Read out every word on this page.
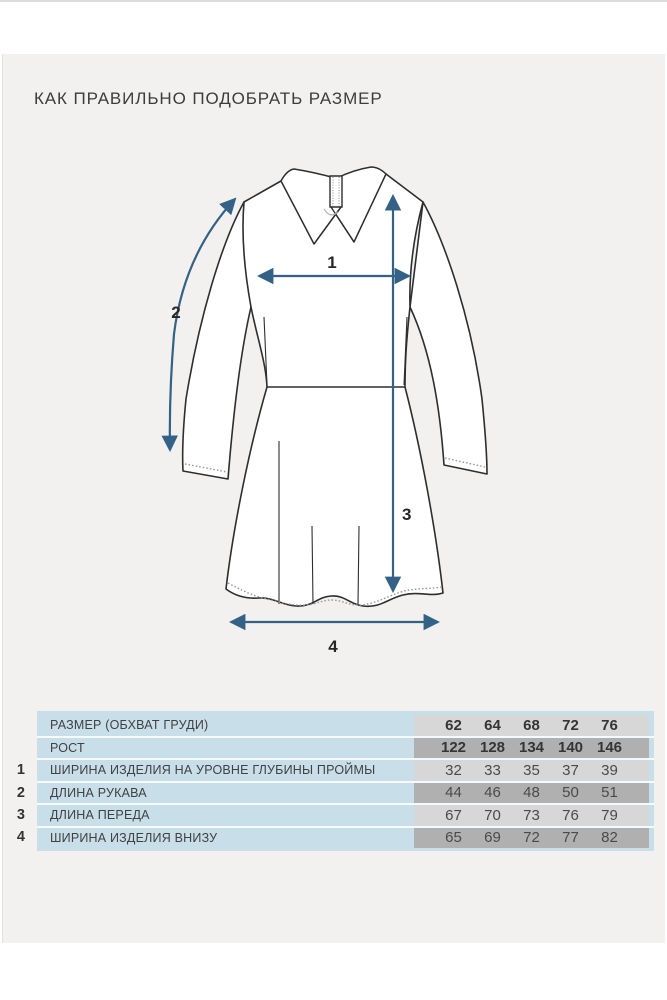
КАК ПРАВИЛЬНО ПОДОБРАТЬ РАЗМЕР
1
2
3
4
1
2
3
4
РАЗМЕР (ОБХВАТ ГРУДИ)	62	64	68	72	76
РОСТ	122 128 134 140 146
ШИРИНА ИЗДЕЛИЯ НА УРОВНЕ ГЛУБИНЫ ПРОЙМЫ	32	33	35	37	39
ДЛИНА РУКАВА	44	46	48	50	51
ДЛИНА ПЕРЕДА	67	70	73	76	79
ШИРИНА ИЗДЕЛИЯ ВНИЗУ	65	69	72	77	82
